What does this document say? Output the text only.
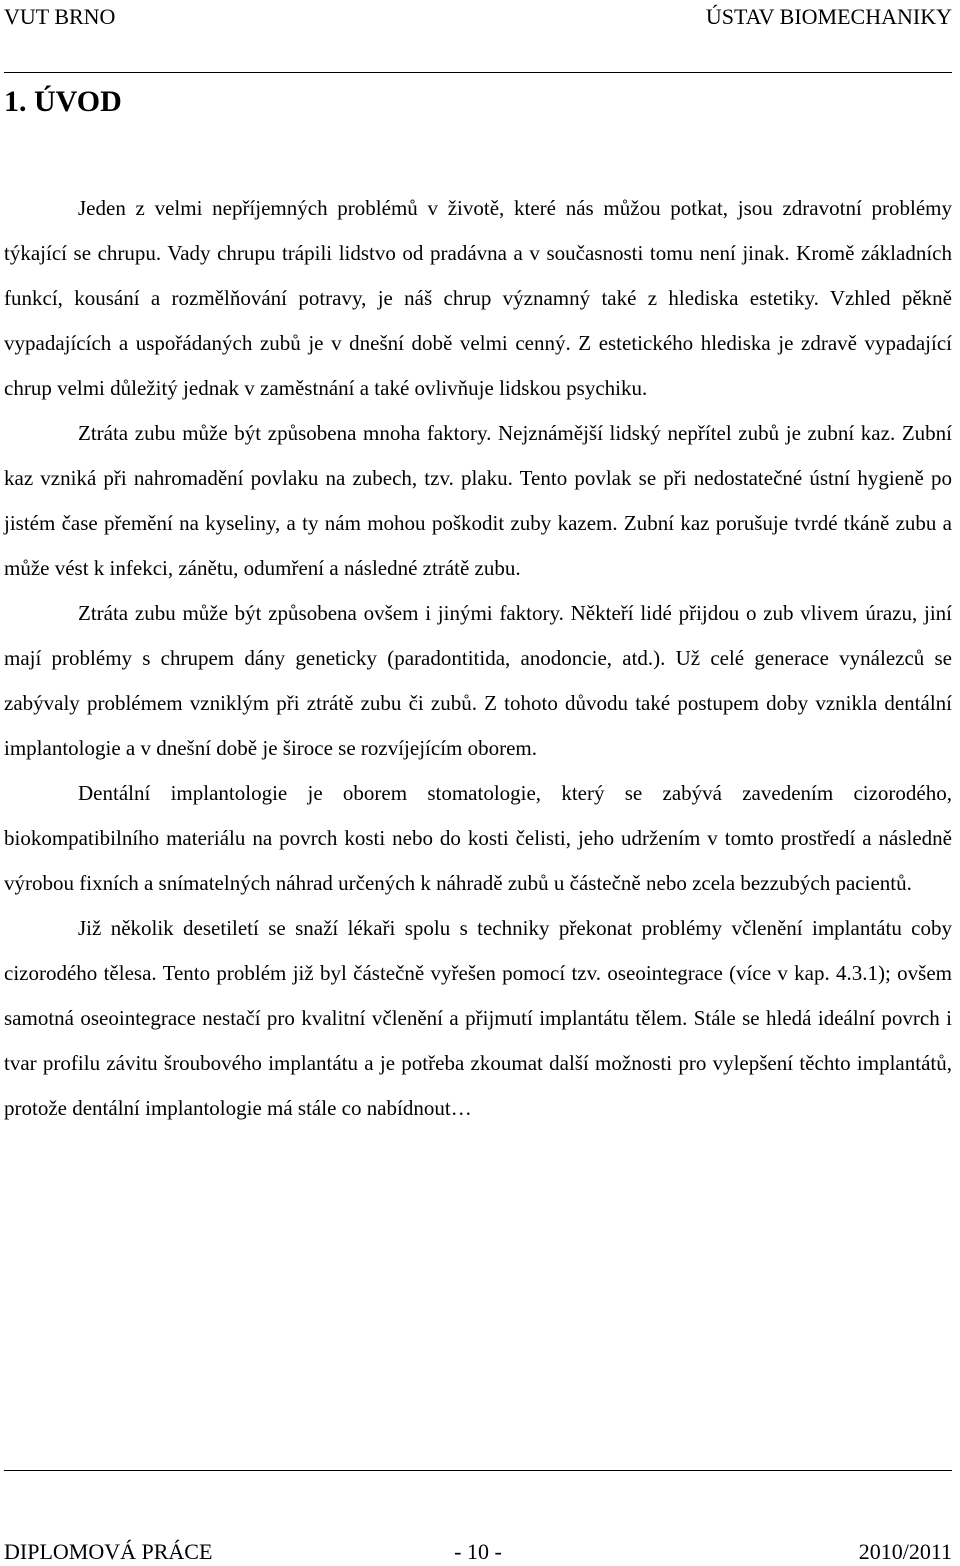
VUT BRNO	ÚSTAV BIOMECHANIKY
1. ÚVOD

Jeden z velmi nepříjemných problémů v životě, které nás můžou potkat, jsou zdravotní problémy týkající se chrupu. Vady chrupu trápili lidstvo od pradávna a v současnosti tomu není jinak. Kromě základních funkcí, kousání a rozmělňování potravy, je náš chrup významný také z hlediska estetiky. Vzhled pěkně vypadajících a uspořádaných zubů je v dnešní době velmi cenný. Z estetického hlediska je zdravě vypadající chrup velmi důležitý jednak v zaměstnání a také ovlivňuje lidskou psychiku.

Ztráta zubu může být způsobena mnoha faktory. Nejznámější lidský nepřítel zubů je zubní kaz. Zubní kaz vzniká při nahromadění povlaku na zubech, tzv. plaku. Tento povlak se při nedostatečné ústní hygieně po jistém čase přemění na kyseliny, a ty nám mohou poškodit zuby kazem. Zubní kaz porušuje tvrdé tkáně zubu a může vést k infekci, zánětu, odumření a následné ztrátě zubu.

Ztráta zubu může být způsobena ovšem i jinými faktory. Někteří lidé přijdou o zub vlivem úrazu, jiní mají problémy s chrupem dány geneticky (paradontitida, anodoncie, atd.). Už celé generace vynálezců se zabývaly problémem vzniklým při ztrátě zubu či zubů. Z tohoto důvodu také postupem doby vznikla dentální implantologie a v dnešní době je široce se rozvíjejícím oborem.

Dentální implantologie je oborem stomatologie, který se zabývá zavedením cizorodého, biokompatibilního materiálu na povrch kosti nebo do kosti čelisti, jeho udržením v tomto prostředí a následně výrobou fixních a snímatelných náhrad určených k náhradě zubů u částečně nebo zcela bezzubých pacientů.

Již několik desetiletí se snaží lékaři spolu s techniky překonat problémy včlenění implantátu coby cizorodého tělesa. Tento problém již byl částečně vyřešen pomocí tzv. oseointegrace (více v kap. 4.3.1); ovšem samotná oseointegrace nestačí pro kvalitní včlenění a přijmutí implantátu tělem. Stále se hledá ideální povrch i tvar profilu závitu šroubového implantátu a je potřeba zkoumat další možnosti pro vylepšení těchto implantátů, protože dentální implantologie má stále co nabídnout…

DIPLOMOVÁ PRÁCE	- 10 -	2010/2011
